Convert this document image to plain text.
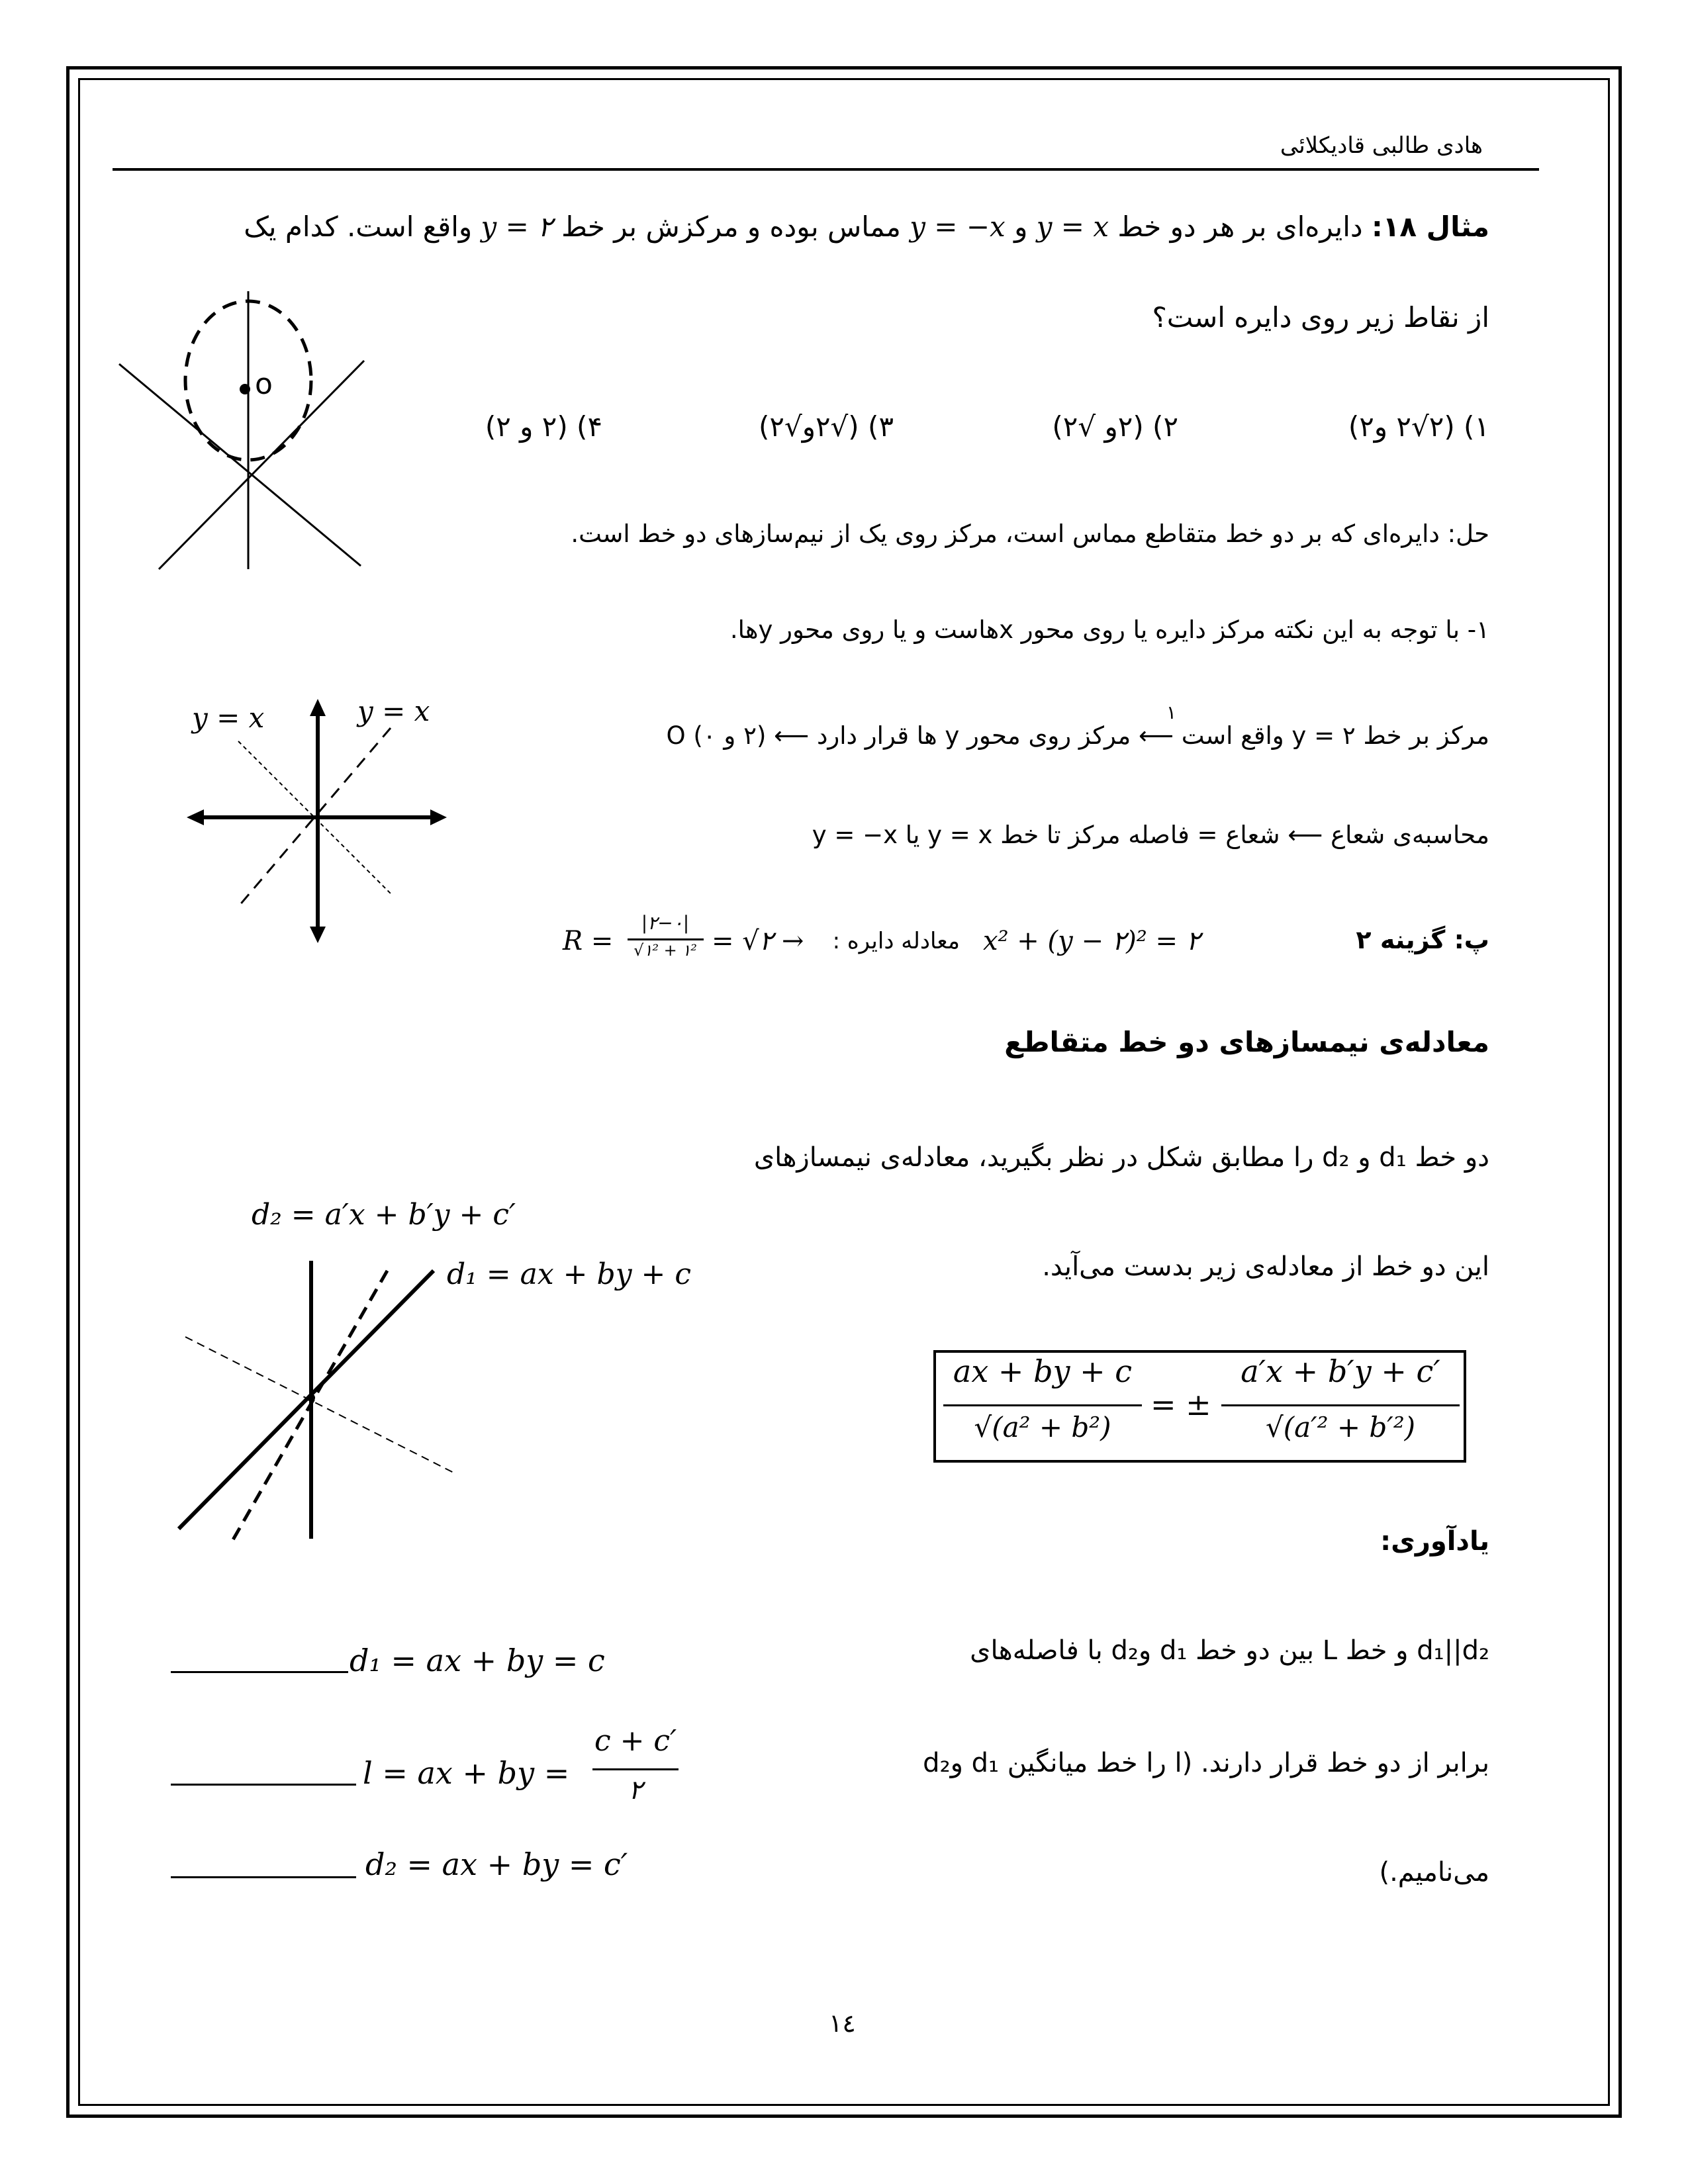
هادی طالبی قادیکلائی
مثال ۱۸: دایره‌ای بر هر دو خط y = x و y = −x مماس بوده و مرکزش بر خط y = ۲ واقع است. کدام یک
از نقاط زیر روی دایره است؟
۱) (۲√۲ و۲)
۲) (۲و √۲)
۳) (√۲و√۲)
۴) (۲ و ۲)
o
حل: دایره‌ای که بر دو خط متقاطع مماس است، مرکز روی یک از نیم‌سازهای دو خط است.
۱- با توجه به این نکته مرکز دایره یا روی محور xهاست و یا روی محور yها.
۱
مرکز بر خط ۲ = y واقع است ⟵ مرکز روی محور y ها قرار دارد ⟵ (۲ و ۰) O
محاسبه‌ی شعاع ⟵ شعاع = فاصله مرکز تا خط y = x یا y = −x
پ: گزینه ۲
x² + (y − ۲)² = ۲
معادله دایره :
R =
|۲−۰|
√۱² + ۱² = √۲ →
y = x	y = x
معادله‌ی نیمسازهای دو خط متقاطع
دو خط d₁ و d₂ را مطابق شکل در نظر بگیرید، معادله‌ی نیمسازهای
این دو خط از معادله‌ی زیر بدست می‌آید.
ax + by + c
√(a² + b²)
= ±
a′x + b′y + c′
√(a′² + b′²)
d₂ = a′x + b′y + c′
d₁ = ax + by + c
یادآوری:
d₁||d₂ و خط L بین دو خط d₁ وd₂ با فاصله‌های
برابر از دو خط قرار دارند. (l را خط میانگین d₁ وd₂
می‌نامیم.)
d₁ = ax + by = c
l = ax + by =
c + c′
۲
d₂ = ax + by = c′
۱٤
